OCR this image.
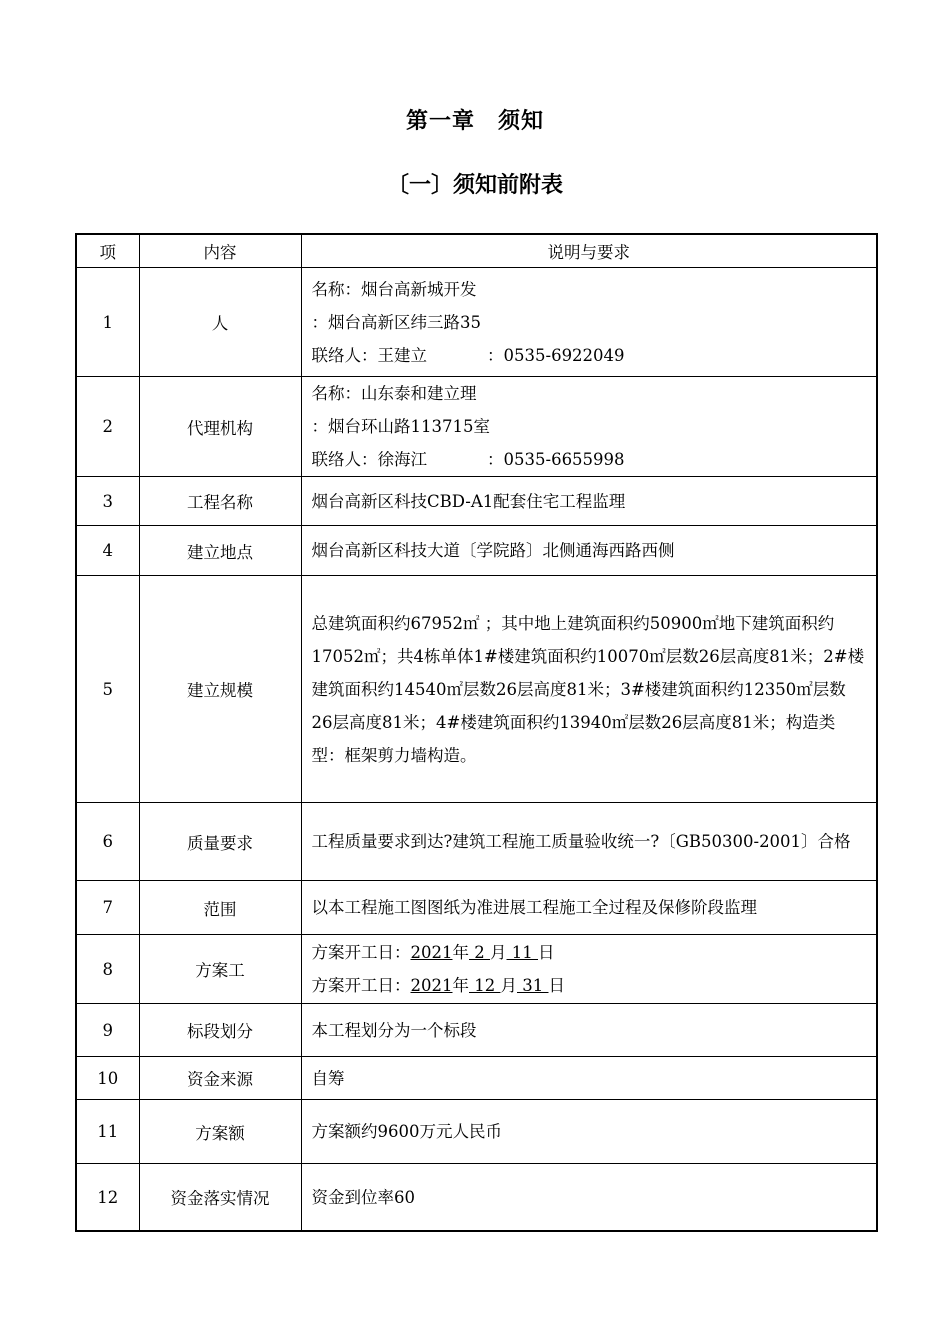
第一章　须知
〔一〕须知前附表
项	内容	说明与要求
1	人	名称：烟台高新城开发
：烟台高新区纬三路35
联络人：王建立 ：0535-6922049

2	代理机构	名称：山东泰和建立理
：烟台环山路113715室
联络人：徐海江 ：0535-6655998

3	工程名称	烟台高新区科技CBD-A1配套住宅工程监理
4	建立地点	烟台高新区科技大道〔学院路〕北侧通海西路西侧
5	建立规模	总建筑面积约67952㎡ ；其中地上建筑面积约50900㎡地下建筑面积约17052㎡；共4栋单体1#楼建筑面积约10070㎡层数26层高度81米；2#楼建筑面积约14540㎡层数26层高度81米；3#楼建筑面积约12350㎡层数26层高度81米；4#楼建筑面积约13940㎡层数26层高度81米；构造类型：框架剪力墙构造。
6	质量要求	工程质量要求到达?建筑工程施工质量验收统一?〔GB50300-2001〕合格
7	范围	以本工程施工图图纸为准进展工程施工全过程及保修阶段监理
8	方案工	方案开工日：2021年 2 月 11 日
方案开工日：2021年 12 月 31 日

9	标段划分	本工程划分为一个标段
10	资金来源	自筹
11	方案额	方案额约9600万元人民币
12	资金落实情况	资金到位率60
